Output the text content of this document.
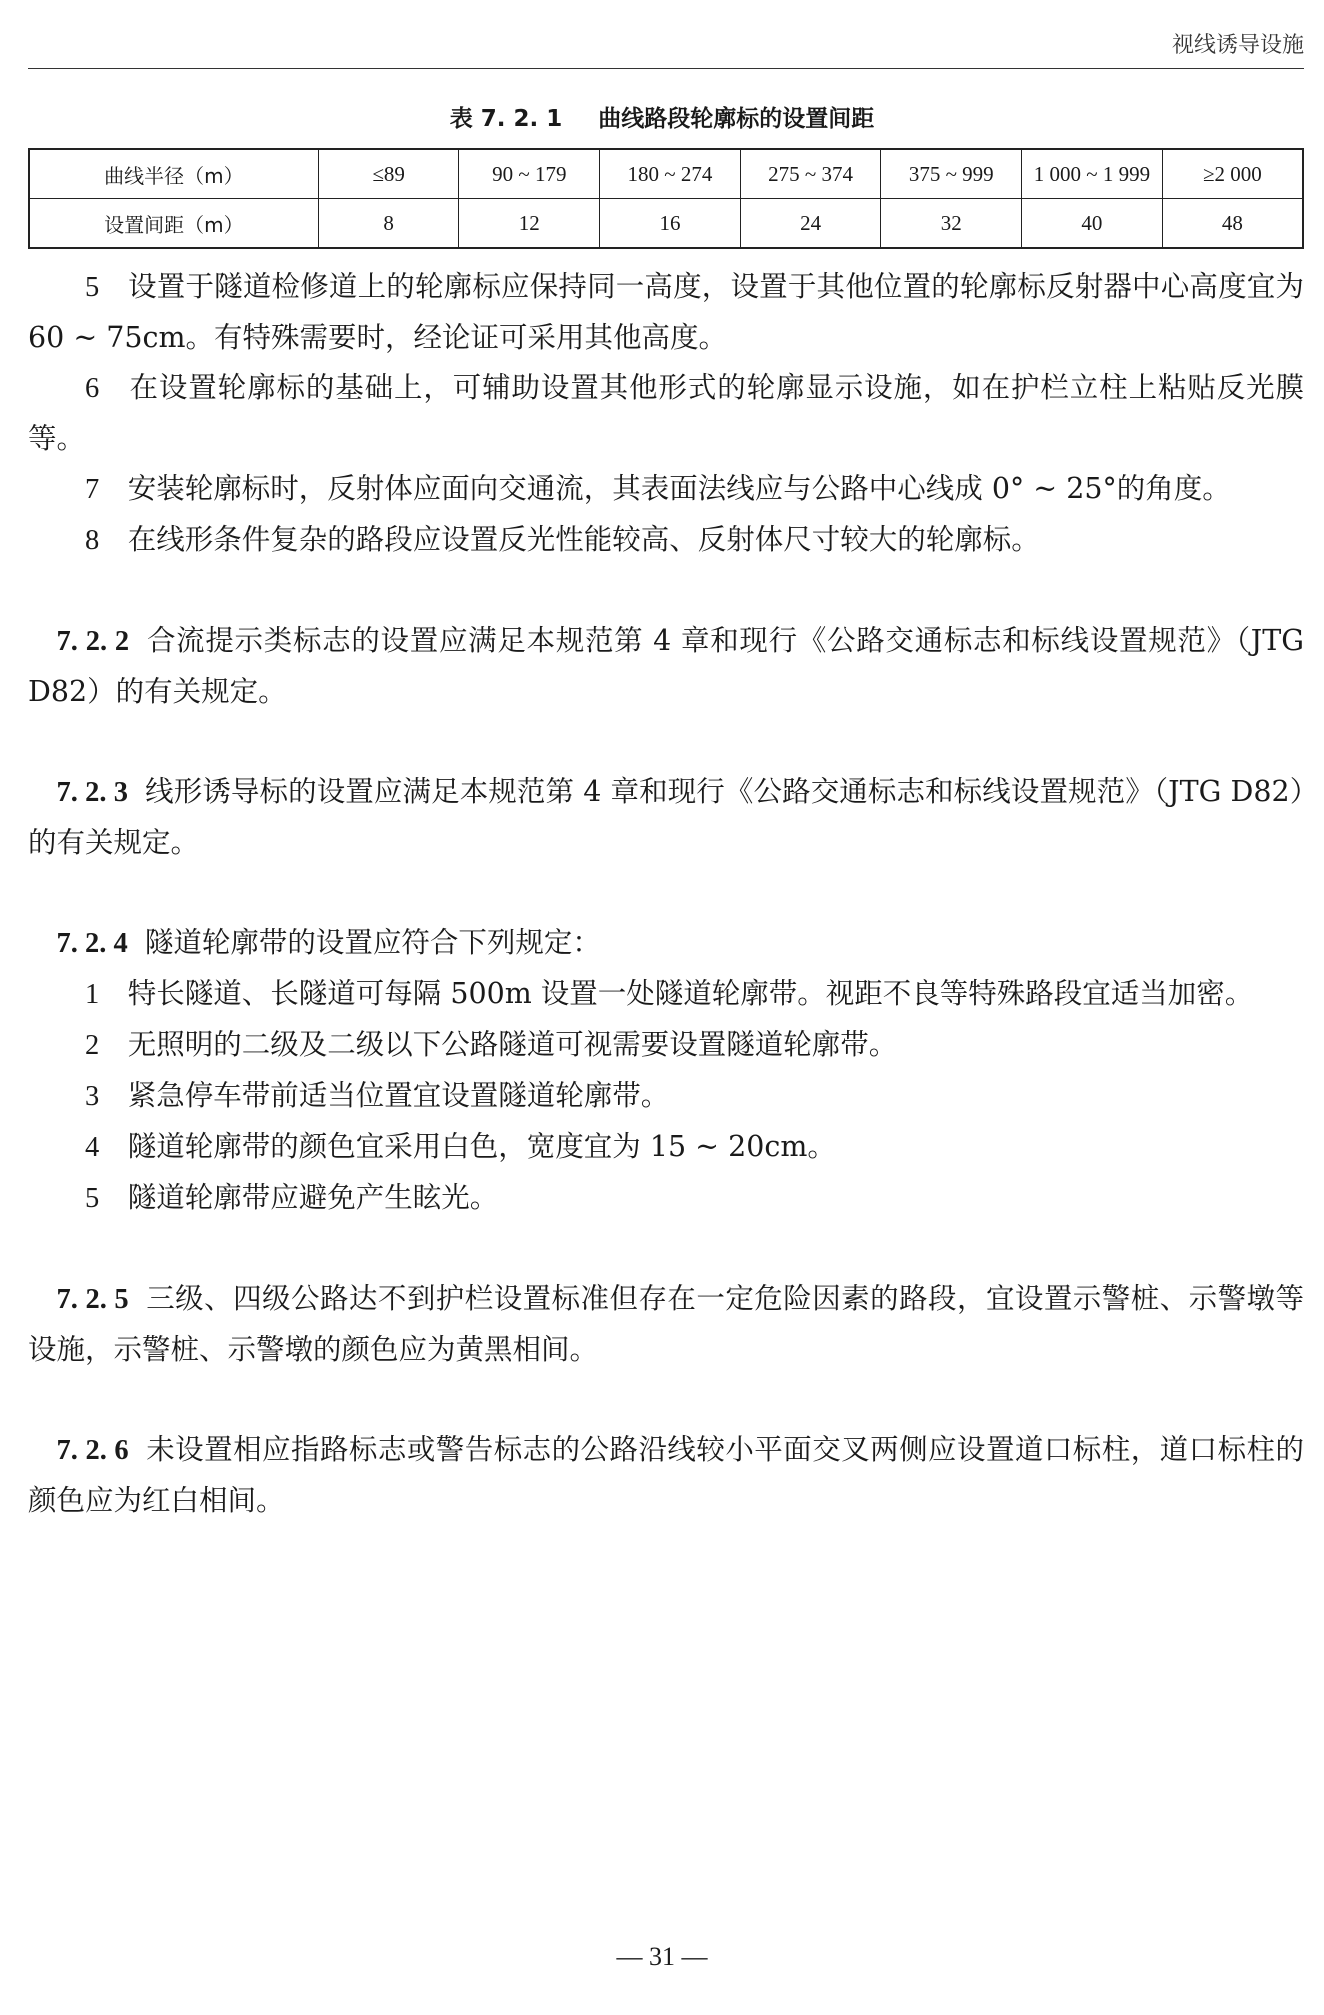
视线诱导设施
表 7. 2. 1 曲线路段轮廓标的设置间距
曲线半径（m）	≤89	90 ~ 179	180 ~ 274	275 ~ 374	375 ~ 999	1 000 ~ 1 999	≥2 000
设置间距（m）	8	12	16	24	32	40	48

5　 设置于隧道检修道上的轮廓标应保持同一高度，设置于其他位置的轮廓标反射器中心高度宜为 60 ~ 75cm。有特殊需要时，经论证可采用其他高度。

6　 在设置轮廓标的基础上，可辅助设置其他形式的轮廓显示设施，如在护栏立柱上粘贴反光膜等。

7　 安装轮廓标时，反射体应面向交通流，其表面法线应与公路中心线成 0° ~ 25°的角度。

8　 在线形条件复杂的路段应设置反光性能较高、反射体尺寸较大的轮廓标。

7. 2. 2 合流提示类标志的设置应满足本规范第 4 章和现行《公路交通标志和标线设置规范》（JTG D82）的有关规定。

7. 2. 3 线形诱导标的设置应满足本规范第 4 章和现行《公路交通标志和标线设置规范》（JTG D82）的有关规定。

7. 2. 4 隧道轮廓带的设置应符合下列规定：

1　 特长隧道、长隧道可每隔 500m 设置一处隧道轮廓带。视距不良等特殊路段宜适当加密。

2　 无照明的二级及二级以下公路隧道可视需要设置隧道轮廓带。

3　 紧急停车带前适当位置宜设置隧道轮廓带。

4　 隧道轮廓带的颜色宜采用白色，宽度宜为 15 ~ 20cm。

5　 隧道轮廓带应避免产生眩光。

7. 2. 5 三级、四级公路达不到护栏设置标准但存在一定危险因素的路段，宜设置示警桩、示警墩等设施，示警桩、示警墩的颜色应为黄黑相间。

7. 2. 6 未设置相应指路标志或警告标志的公路沿线较小平面交叉两侧应设置道口标柱，道口标柱的颜色应为红白相间。

— 31 —
